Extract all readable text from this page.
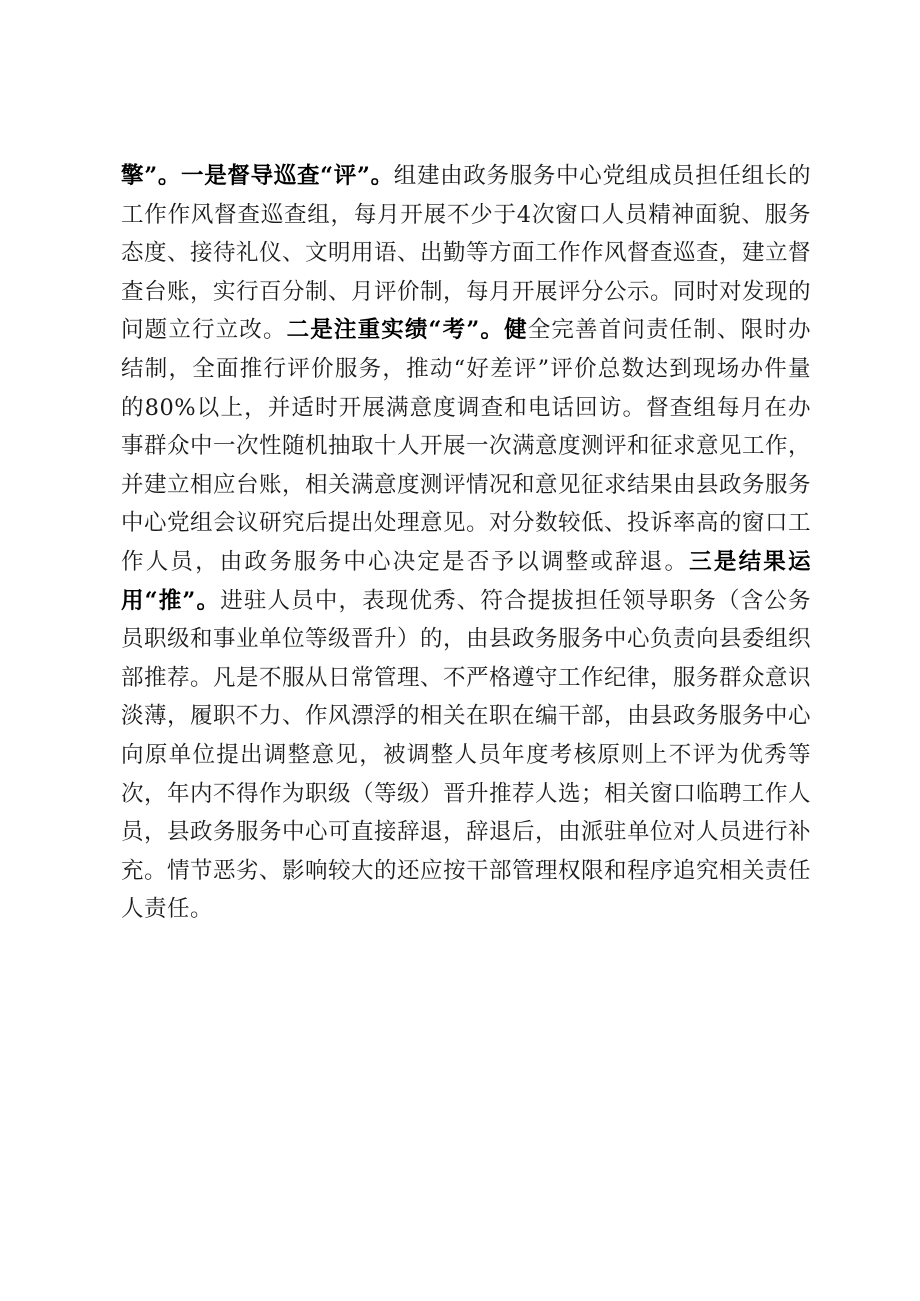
擎”。一是督导巡查“评”。组建由政务服务中心党组成员担任组长的工作作风督查巡查组，每月开展不少于4次窗口人员精神面貌、服务态度、接待礼仪、文明用语、出勤等方面工作作风督查巡查，建立督查台账，实行百分制、月评价制，每月开展评分公示。同时对发现的问题立行立改。二是注重实绩“考”。健全完善首问责任制、限时办结制，全面推行评价服务，推动“好差评”评价总数达到现场办件量的80%以上，并适时开展满意度调查和电话回访。督查组每月在办事群众中一次性随机抽取十人开展一次满意度测评和征求意见工作，并建立相应台账，相关满意度测评情况和意见征求结果由县政务服务中心党组会议研究后提出处理意见。对分数较低、投诉率高的窗口工作人员，由政务服务中心决定是否予以调整或辞退。三是结果运用“推”。进驻人员中，表现优秀、符合提拔担任领导职务（含公务员职级和事业单位等级晋升）的，由县政务服务中心负责向县委组织部推荐。凡是不服从日常管理、不严格遵守工作纪律，服务群众意识淡薄，履职不力、作风漂浮的相关在职在编干部，由县政务服务中心向原单位提出调整意见，被调整人员年度考核原则上不评为优秀等次，年内不得作为职级（等级）晋升推荐人选；相关窗口临聘工作人员，县政务服务中心可直接辞退，辞退后，由派驻单位对人员进行补充。情节恶劣、影响较大的还应按干部管理权限和程序追究相关责任人责任。
